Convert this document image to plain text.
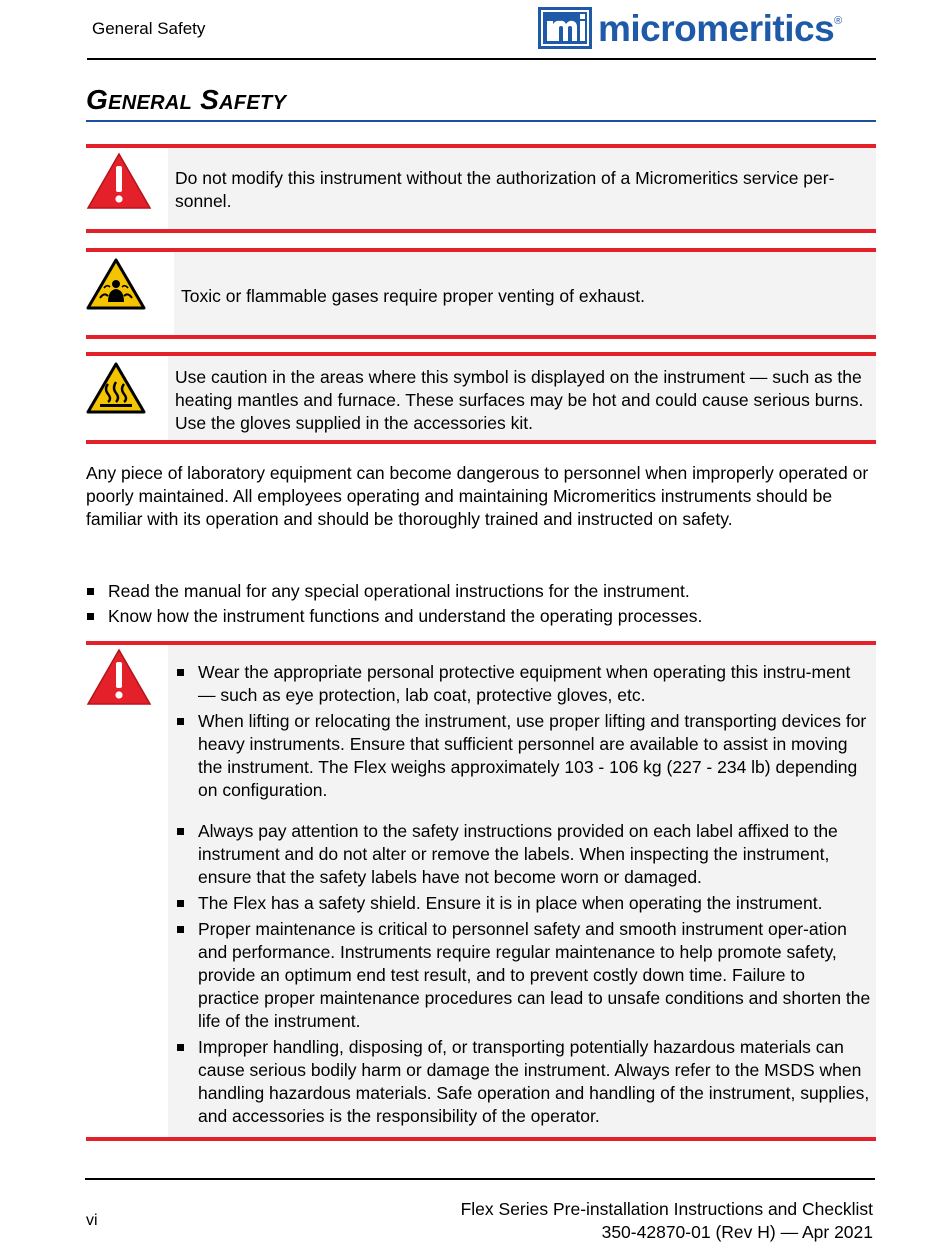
General Safety	micromeritics ®
General Safety
Do not modify this instrument without the authorization of a Micromeritics service per-sonnel.
Toxic or flammable gases require proper venting of exhaust.
Use caution in the areas where this symbol is displayed on the instrument — such as the heating mantles and furnace. These surfaces may be hot and could cause serious burns. Use the gloves supplied in the accessories kit.

Any piece of laboratory equipment can become dangerous to personnel when improperly operated or poorly maintained. All employees operating and maintaining Micromeritics instruments should be familiar with its operation and should be thoroughly trained and instructed on safety.

Read the manual for any special operational instructions for the instrument.
Know how the instrument functions and understand the operating processes.
Wear the appropriate personal protective equipment when operating this instru-ment — such as eye protection, lab coat, protective gloves, etc.
When lifting or relocating the instrument, use proper lifting and transporting devices for heavy instruments. Ensure that sufficient personnel are available to assist in moving the instrument. The Flex weighs approximately 103 - 106 kg (227 - 234 lb) depending on configuration.
Always pay attention to the safety instructions provided on each label affixed to the instrument and do not alter or remove the labels. When inspecting the instrument, ensure that the safety labels have not become worn or damaged.
The Flex has a safety shield. Ensure it is in place when operating the instrument.
Proper maintenance is critical to personnel safety and smooth instrument oper-ation and performance. Instruments require regular maintenance to help promote safety, provide an optimum end test result, and to prevent costly down time. Failure to practice proper maintenance procedures can lead to unsafe conditions and shorten the life of the instrument.
Improper handling, disposing of, or transporting potentially hazardous materials can cause serious bodily harm or damage the instrument. Always refer to the MSDS when handling hazardous materials. Safe operation and handling of the instrument, supplies, and accessories is the responsibility of the operator.
vi
Flex Series Pre-installation Instructions and Checklist
350-42870-01 (Rev H) — Apr 2021
